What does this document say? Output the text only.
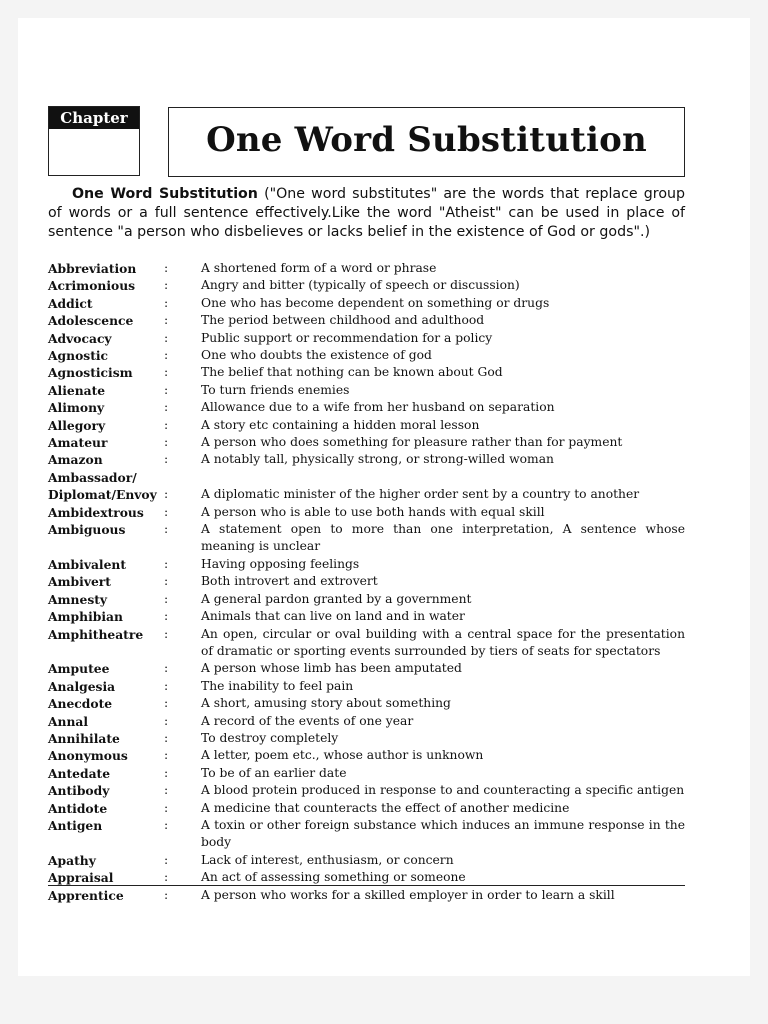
Chapter
One Word Substitution

One Word Substitution ("One word substitutes" are the words that replace group of words or a full sentence effectively.Like the word "Atheist" can be used in place of sentence "a person who disbelieves or lacks belief in the existence of God or gods".)

Abbreviation	:	A shortened form of a word or phrase
Acrimonious	:	Angry and bitter (typically of speech or discussion)
Addict	:	One who has become dependent on something or drugs
Adolescence	:	The period between childhood and adulthood
Advocacy	:	Public support or recommendation for a policy
Agnostic	:	One who doubts the existence of god
Agnosticism	:	The belief that nothing can be known about God
Alienate	:	To turn friends enemies
Alimony	:	Allowance due to a wife from her husband on separation
Allegory	:	A story etc containing a hidden moral lesson
Amateur	:	A person who does something for pleasure rather than for payment
Amazon	:	A notably tall, physically strong, or strong-willed woman
Ambassador/
Diplomat/Envoy :	A diplomatic minister of the higher order sent by a country to another
Ambidextrous	:	A person who is able to use both hands with equal skill
Ambiguous	:	A statement open to more than one interpretation, A sentence whose meaning is unclear
Ambivalent	:	Having opposing feelings
Ambivert	:	Both introvert and extrovert
Amnesty	:	A general pardon granted by a government
Amphibian	:	Animals that can live on land and in water
Amphitheatre	:	An open, circular or oval building with a central space for the presentation of dramatic or sporting events surrounded by tiers of seats for spectators
Amputee	:	A person whose limb has been amputated
Analgesia	:	The inability to feel pain
Anecdote	:	A short, amusing story about something
Annal	:	A record of the events of one year
Annihilate	:	To destroy completely
Anonymous	:	A letter, poem etc., whose author is unknown
Antedate	:	To be of an earlier date
Antibody	:	A blood protein produced in response to and counteracting a specific antigen
Antidote	:	A medicine that counteracts the effect of another medicine
Antigen	:	A toxin or other foreign substance which induces an immune response in the body
Apathy	:	Lack of interest, enthusiasm, or concern
Appraisal	:	An act of assessing something or someone
Apprentice	:	A person who works for a skilled employer in order to learn a skill
